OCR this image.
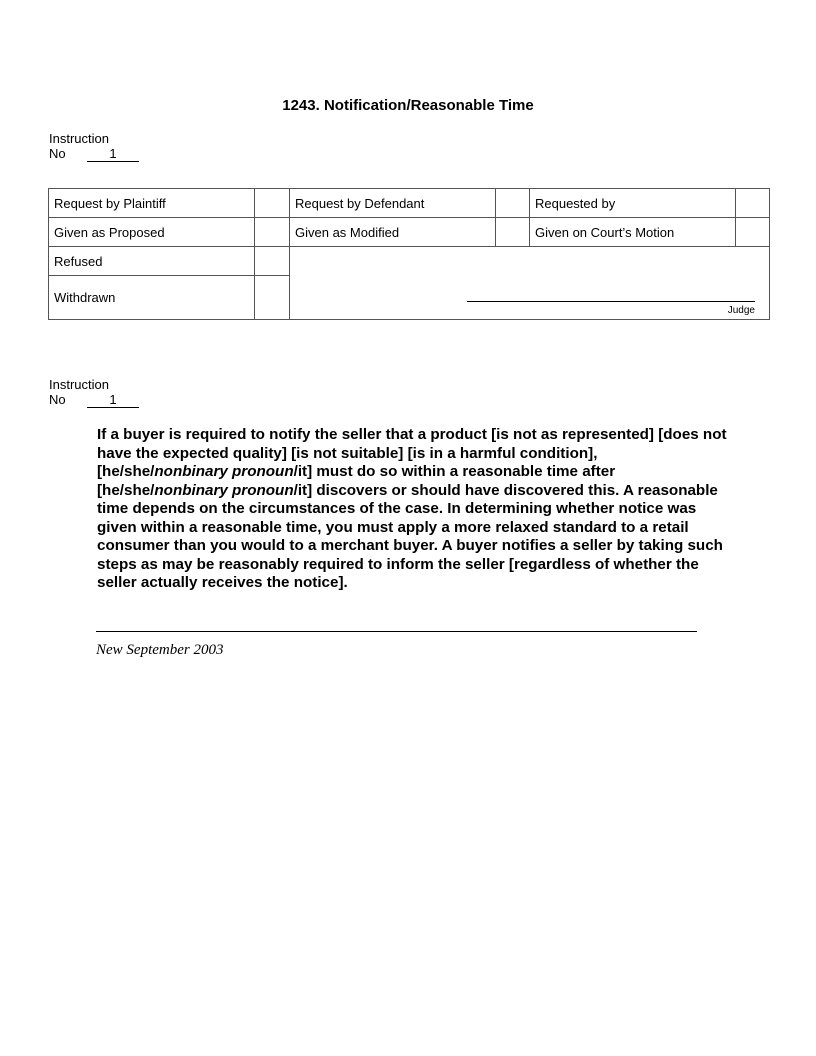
1243. Notification/Reasonable Time
Instruction
No	1
Request by Plaintiff		Request by Defendant		Requested by	
Given as Proposed		Given as Modified		Given on Court’s Motion	
Refused		Judge			

Withdrawn					
Instruction
No	1
If a buyer is required to notify the seller that a product [is not as represented] [does not have the expected quality] [is not suitable] [is in a harmful condition], [he/she/nonbinary pronoun/it] must do so within a reasonable time after [he/she/nonbinary pronoun/it] discovers or should have discovered this. A reasonable time depends on the circumstances of the case. In determining whether notice was given within a reasonable time, you must apply a more relaxed standard to a retail consumer than you would to a merchant buyer. A buyer notifies a seller by taking such steps as may be reasonably required to inform the seller [regardless of whether the seller actually receives the notice].
New September 2003
